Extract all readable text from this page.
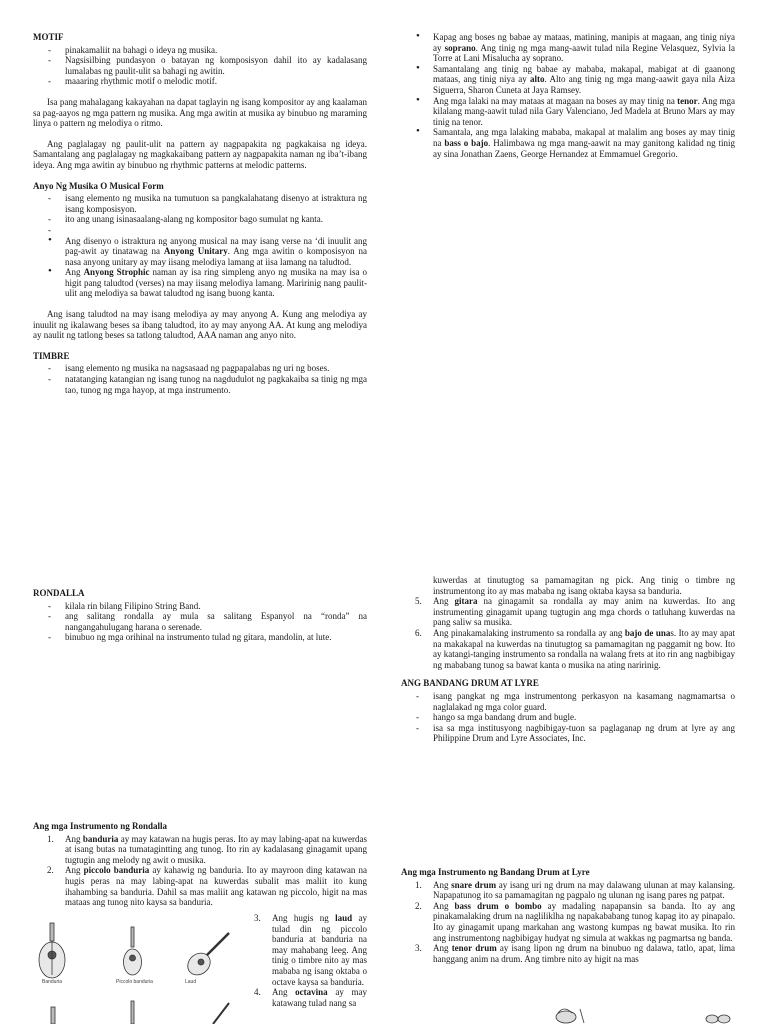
MOTIF
- pinakamaliit na bahagi o ideya ng musika.
- Nagsisilbing pundasyon o batayan ng komposisyon dahil ito ay kadalasang lumalabas ng paulit-ulit sa bahagi ng awitin.
- maaaring rhythmic motif o melodic motif.

Isa pang mahalagang kakayahan na dapat taglayin ng isang kompositor ay ang kaalaman sa pag-aayos ng mga pattern ng musika. Ang mga awitin at musika ay binubuo ng maraming linya o pattern ng melodiya o ritmo.

Ang paglalagay ng paulit-ulit na pattern ay nagpapakita ng pagkakaisa ng ideya. Samantalang ang paglalagay ng magkakaibang pattern ay nagpapakita naman ng iba’t-ibang ideya. Ang mga awitin ay binubuo ng rhythmic patterns at melodic patterns.

Anyo Ng Musika O Musical Form
- isang elemento ng musika na tumutuon sa pangkalahatang disenyo at istraktura ng isang komposisyon.
- ito ang unang isinasaalang-alang ng kompositor bago sumulat ng kanta.
-
• Ang disenyo o istraktura ng anyong musical na may isang verse na ‘di inuulit ang pag-awit ay tinatawag na Anyong Unitary. Ang mga awitin o komposisyon na nasa anyong unitary ay may iisang melodiya lamang at iisa lamang na taludtod.
• Ang Anyong Strophic naman ay isa ring simpleng anyo ng musika na may isa o higit pang taludtod (verses) na may iisang melodiya lamang. Maririnig nang paulit-ulit ang melodiya sa bawat taludtod ng isang buong kanta.

Ang isang taludtod na may isang melodiya ay may anyong A. Kung ang melodiya ay inuulit ng ikalawang beses sa ibang taludtod, ito ay may anyong AA. At kung ang melodiya ay naulit ng tatlong beses sa tatlong taludtod, AAA naman ang anyo nito.

TIMBRE
- isang elemento ng musika na nagsasaad ng pagpapalabas ng uri ng boses.
- natatanging katangian ng isang tunog na nagdudulot ng pagkakaiba sa tinig ng mga tao, tunog ng mga hayop, at mga instrumento.
• Kapag ang boses ng babae ay mataas, matining, manipis at magaan, ang tinig niya ay soprano. Ang tinig ng mga mang-aawit tulad nila Regine Velasquez, Sylvia la Torre at Lani Misalucha ay soprano.
• Samantalang ang tinig ng babae ay mababa, makapal, mabigat at di gaanong mataas, ang tinig niya ay alto. Alto ang tinig ng mga mang-aawit gaya nila Aiza Siguerra, Sharon Cuneta at Jaya Ramsey.
• Ang mga lalaki na may mataas at magaan na boses ay may tinig na tenor. Ang mga kilalang mang-aawit tulad nila Gary Valenciano, Jed Madela at Bruno Mars ay may tinig na tenor.
• Samantala, ang mga lalaking mababa, makapal at malalim ang boses ay may tinig na bass o bajo. Halimbawa ng mga mang-aawit na may ganitong kalidad ng tinig ay sina Jonathan Zaens, George Hernandez at Emmamuel Gregorio.
RONDALLA
- kilala rin bilang Filipino String Band.
- ang salitang rondalla ay mula sa salitang Espanyol na “ronda” na nangangahulugang harana o serenade.
- binubuo ng mga orihinal na instrumento tulad ng gitara, mandolin, at lute.

kuwerdas at tinutugtog sa pamamagitan ng pick. Ang tinig o timbre ng instrumentong ito ay mas mababa ng isang oktaba kaysa sa banduria.

5. Ang gitara na ginagamit sa rondalla ay may anim na kuwerdas. Ito ang instrumenting ginagamit upang tugtugin ang mga chords o tatluhang kuwerdas na pang saliw sa musika.
6. Ang pinakamalaking instrumento sa rondalla ay ang bajo de unas. Ito ay may apat na makakapal na kuwerdas na tinutugtog sa pamamagitan ng paggamit ng bow. Ito ay katangi-tanging instrumento sa rondalla na walang frets at ito rin ang nagbibigay ng mababang tunog sa bawat kanta o musika na ating naririnig.
ANG BANDANG DRUM AT LYRE
- isang pangkat ng mga instrumentong perkasyon na kasamang nagmamartsa o naglalakad ng mga color guard.
- hango sa mga bandang drum and bugle.
- isa sa mga institusyong nagbibigay-tuon sa paglaganap ng drum at lyre ay ang Philippine Drum and Lyre Associates, Inc.
Ang mga Instrumento ng Rondalla
1. Ang banduria ay may katawan na hugis peras. Ito ay may labing-apat na kuwerdas at isang butas na tumatagintting ang tunog. Ito rin ay kadalasang ginagamit upang tugtugin ang melody ng awit o musika.
2. Ang piccolo banduria ay kahawig ng banduria. Ito ay mayroon ding katawan na hugis peras na may labing-apat na kuwerdas subalit mas maliit ito kung ihahambing sa banduria. Dahil sa mas maliit ang katawan ng piccolo, higit na mas mataas ang tunog nito kaysa sa banduria.
3. Ang hugis ng laud ay tulad din ng piccolo banduria at banduria na may mahabang leeg. Ang tinig o timbre nito ay mas mababa ng isang oktaba o octave kaysa sa banduria.
4. Ang octavina ay may katawang tulad nang sa
Banduria	Piccolo banduria	Laud
Ang mga Instrumento ng Bandang Drum at Lyre
1. Ang snare drum ay isang uri ng drum na may dalawang ulunan at may kalansing. Napapatunog ito sa pamamagitan ng pagpalo ng ulunan ng isang pares ng patpat.
2. Ang bass drum o bombo ay madaling napapansin sa banda. Ito ay ang pinakamalaking drum na nagliliklha ng napakababang tunog kapag ito ay pinapalo. Ito ay ginagamit upang markahan ang wastong kumpas ng bawat musika. Ito rin ang instrumentong nagbibigay hudyat ng simula at wakkas ng pagmartsa ng banda.
3. Ang tenor drum ay isang lipon ng drum na binubuo ng dalawa, tatlo, apat, lima hanggang anim na drum. Ang timbre nito ay higit na mas
